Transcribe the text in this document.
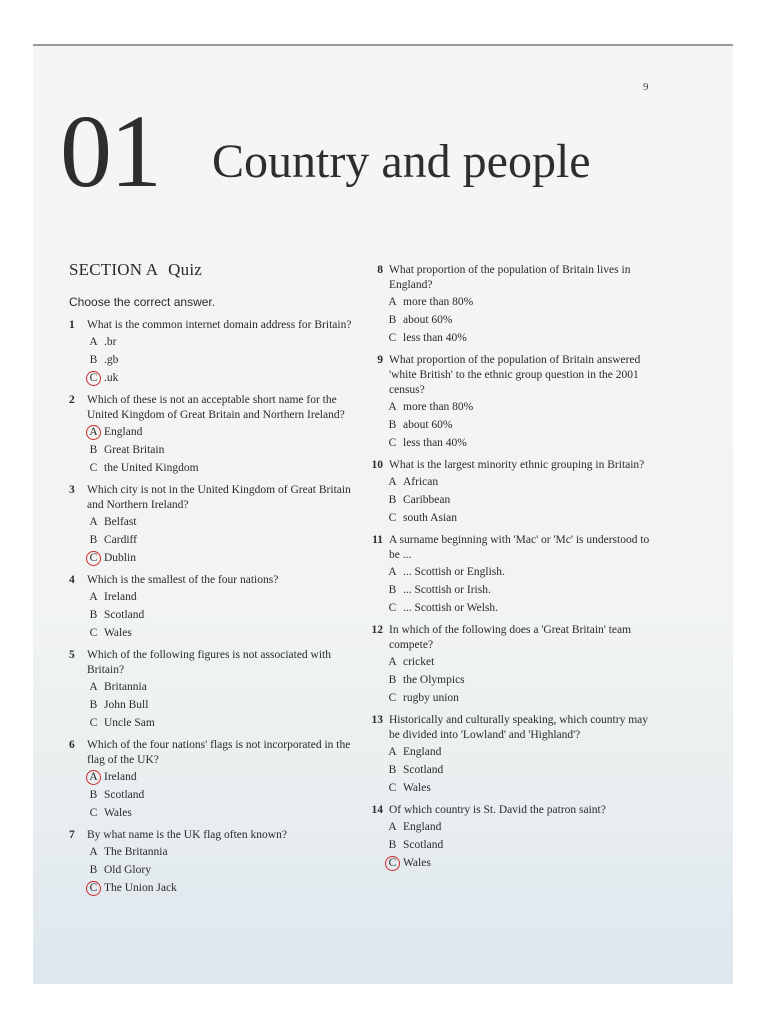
9
01 Country and people
SECTION A Quiz
Choose the correct answer.
1	What is the common internet domain address for Britain?
A .br
B .gb
C .uk
2	Which of these is not an acceptable short name for the United Kingdom of Great Britain and Northern Ireland?
A England
B Great Britain
C the United Kingdom
3	Which city is not in the United Kingdom of Great Britain and Northern Ireland?
A Belfast
B Cardiff
C Dublin
4	Which is the smallest of the four nations?
A Ireland
B Scotland
C Wales
5	Which of the following figures is not associated with Britain?
A Britannia
B John Bull
C Uncle Sam
6	Which of the four nations' flags is not incorporated in the flag of the UK?
A Ireland
B Scotland
C Wales
7	By what name is the UK flag often known?
A The Britannia
B Old Glory
C The Union Jack
8 What proportion of the population of Britain lives in England?
A more than 80%
B about 60%
C less than 40%
9 What proportion of the population of Britain answered 'white British' to the ethnic group question in the 2001 census?
A more than 80%
B about 60%
C less than 40%
10 What is the largest minority ethnic grouping in Britain?
A African
B Caribbean
C south Asian
11 A surname beginning with 'Mac' or 'Mc' is understood to be ...
A ... Scottish or English.
B ... Scottish or Irish.
C ... Scottish or Welsh.
12 In which of the following does a 'Great Britain' team compete?
A cricket
B the Olympics
C rugby union
13 Historically and culturally speaking, which country may be divided into 'Lowland' and 'Highland'?
A England
B Scotland
C Wales
14 Of which country is St. David the patron saint?
A England
B Scotland
C Wales
